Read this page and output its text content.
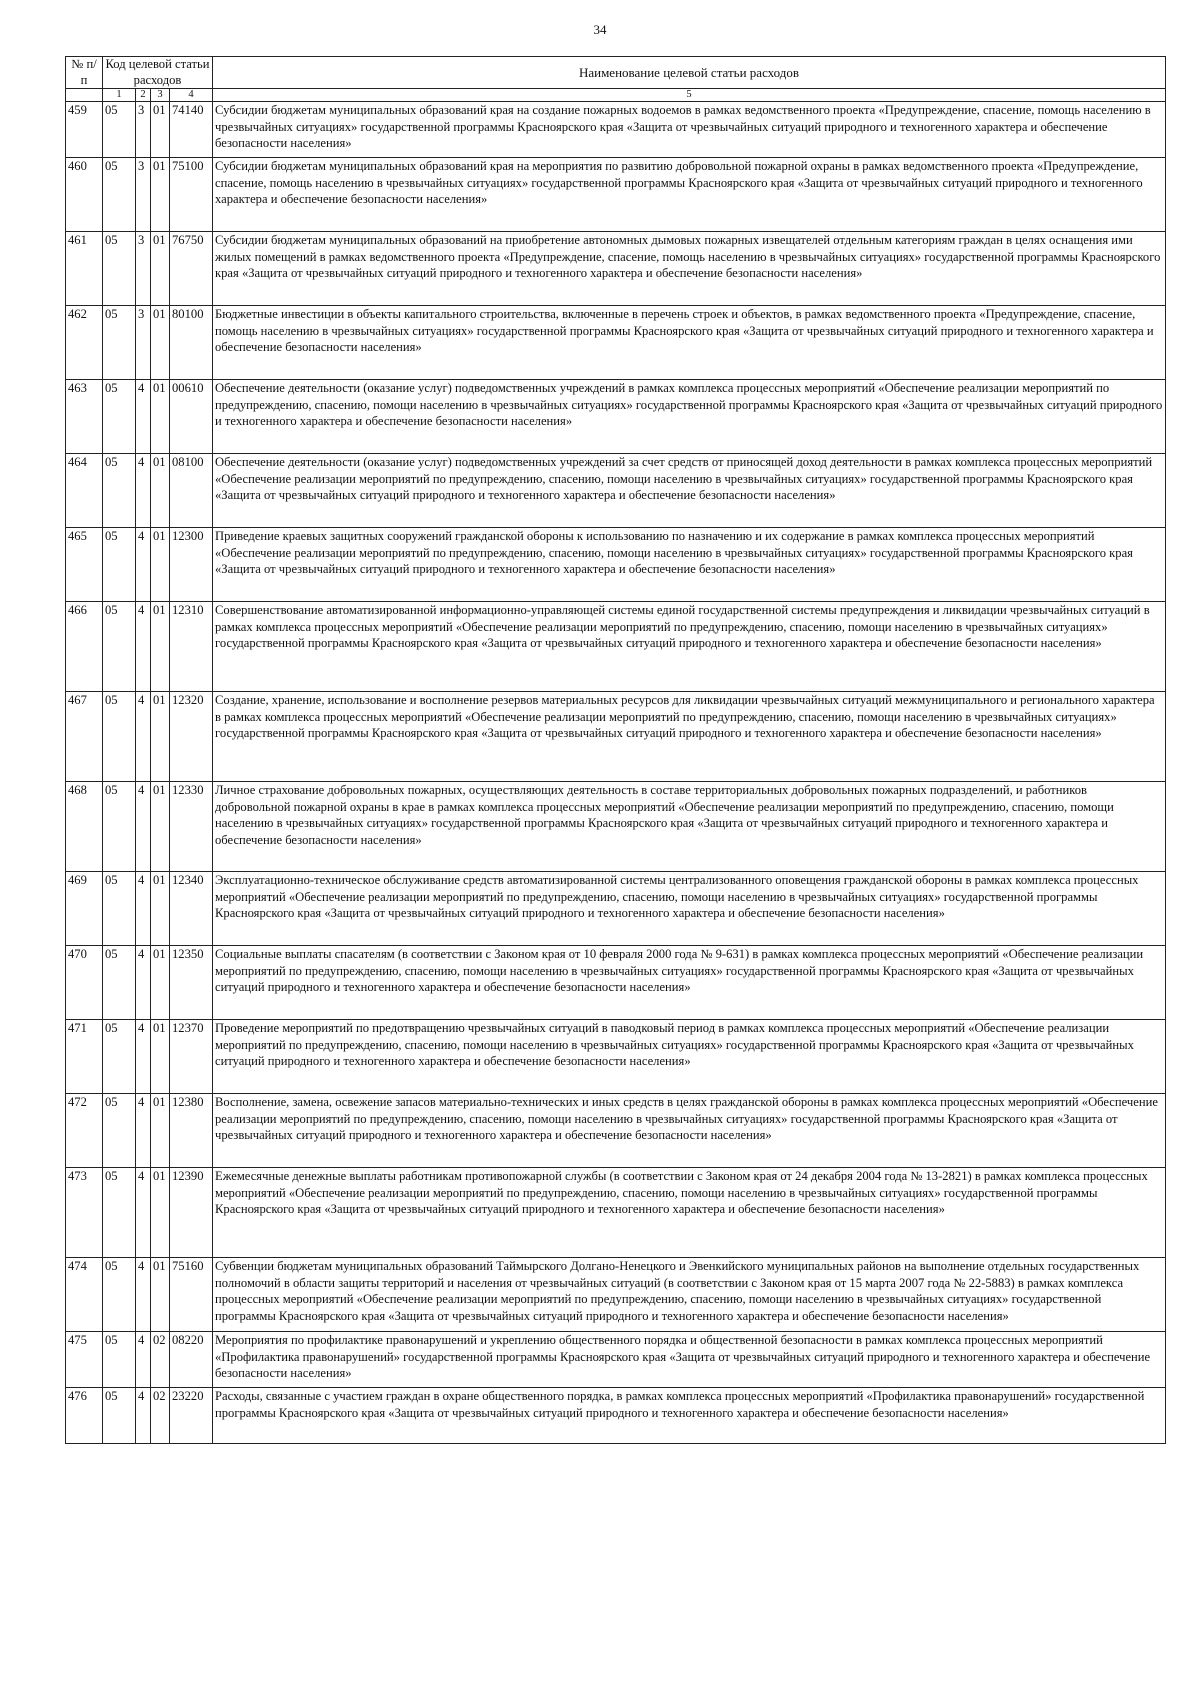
34
№ п/п	Код целевой статьи расходов				Наименование целевой статьи расходов
	1	2	3	4	5
459	05	3	01	74140	Субсидии бюджетам муниципальных образований края на создание пожарных водоемов в рамках ведомственного проекта «Предупреждение, спасение, помощь населению в чрезвычайных ситуациях» государственной программы Красноярского края «Защита от чрезвычайных ситуаций природного и техногенного характера и обеспечение безопасности населения»
460	05	3	01	75100	Субсидии бюджетам муниципальных образований края на мероприятия по развитию добровольной пожарной охраны в рамках ведомственного проекта «Предупреждение, спасение, помощь населению в чрезвычайных ситуациях» государственной программы Красноярского края «Защита от чрезвычайных ситуаций природного и техногенного характера и обеспечение безопасности населения»
461	05	3	01	76750	Субсидии бюджетам муниципальных образований на приобретение автономных дымовых пожарных извещателей отдельным категориям граждан в целях оснащения ими жилых помещений в рамках ведомственного проекта «Предупреждение, спасение, помощь населению в чрезвычайных ситуациях» государственной программы Красноярского края «Защита от чрезвычайных ситуаций природного и техногенного характера и обеспечение безопасности населения»
462	05	3	01	80100	Бюджетные инвестиции в объекты капитального строительства, включенные в перечень строек и объектов, в рамках ведомственного проекта «Предупреждение, спасение, помощь населению в чрезвычайных ситуациях» государственной программы Красноярского края «Защита от чрезвычайных ситуаций природного и техногенного характера и обеспечение безопасности населения»
463	05	4	01	00610	Обеспечение деятельности (оказание услуг) подведомственных учреждений в рамках комплекса процессных мероприятий «Обеспечение реализации мероприятий по предупреждению, спасению, помощи населению в чрезвычайных ситуациях» государственной программы Красноярского края «Защита от чрезвычайных ситуаций природного и техногенного характера и обеспечение безопасности населения»
464	05	4	01	08100	Обеспечение деятельности (оказание услуг) подведомственных учреждений за счет средств от приносящей доход деятельности в рамках комплекса процессных мероприятий «Обеспечение реализации мероприятий по предупреждению, спасению, помощи населению в чрезвычайных ситуациях» государственной программы Красноярского края «Защита от чрезвычайных ситуаций природного и техногенного характера и обеспечение безопасности населения»
465	05	4	01	12300	Приведение краевых защитных сооружений гражданской обороны к использованию по назначению и их содержание в рамках комплекса процессных мероприятий «Обеспечение реализации мероприятий по предупреждению, спасению, помощи населению в чрезвычайных ситуациях» государственной программы Красноярского края «Защита от чрезвычайных ситуаций природного и техногенного характера и обеспечение безопасности населения»
466	05	4	01	12310	Совершенствование автоматизированной информационно-управляющей системы единой государственной системы предупреждения и ликвидации чрезвычайных ситуаций в рамках комплекса процессных мероприятий «Обеспечение реализации мероприятий по предупреждению, спасению, помощи населению в чрезвычайных ситуациях» государственной программы Красноярского края «Защита от чрезвычайных ситуаций природного и техногенного характера и обеспечение безопасности населения»
467	05	4	01	12320	Создание, хранение, использование и восполнение резервов материальных ресурсов для ликвидации чрезвычайных ситуаций межмуниципального и регионального характера в рамках комплекса процессных мероприятий «Обеспечение реализации мероприятий по предупреждению, спасению, помощи населению в чрезвычайных ситуациях» государственной программы Красноярского края «Защита от чрезвычайных ситуаций природного и техногенного характера и обеспечение безопасности населения»
468	05	4	01	12330	Личное страхование добровольных пожарных, осуществляющих деятельность в составе территориальных добровольных пожарных подразделений, и работников добровольной пожарной охраны в крае в рамках комплекса процессных мероприятий «Обеспечение реализации мероприятий по предупреждению, спасению, помощи населению в чрезвычайных ситуациях» государственной программы Красноярского края «Защита от чрезвычайных ситуаций природного и техногенного характера и обеспечение безопасности населения»
469	05	4	01	12340	Эксплуатационно-техническое обслуживание средств автоматизированной системы централизованного оповещения гражданской обороны в рамках комплекса процессных мероприятий «Обеспечение реализации мероприятий по предупреждению, спасению, помощи населению в чрезвычайных ситуациях» государственной программы Красноярского края «Защита от чрезвычайных ситуаций природного и техногенного характера и обеспечение безопасности населения»
470	05	4	01	12350	Социальные выплаты спасателям (в соответствии с Законом края от 10 февраля 2000 года № 9-631) в рамках комплекса процессных мероприятий «Обеспечение реализации мероприятий по предупреждению, спасению, помощи населению в чрезвычайных ситуациях» государственной программы Красноярского края «Защита от чрезвычайных ситуаций природного и техногенного характера и обеспечение безопасности населения»
471	05	4	01	12370	Проведение мероприятий по предотвращению чрезвычайных ситуаций в паводковый период в рамках комплекса процессных мероприятий «Обеспечение реализации мероприятий по предупреждению, спасению, помощи населению в чрезвычайных ситуациях» государственной программы Красноярского края «Защита от чрезвычайных ситуаций природного и техногенного характера и обеспечение безопасности населения»
472	05	4	01	12380	Восполнение, замена, освежение запасов материально-технических и иных средств в целях гражданской обороны в рамках комплекса процессных мероприятий «Обеспечение реализации мероприятий по предупреждению, спасению, помощи населению в чрезвычайных ситуациях» государственной программы Красноярского края «Защита от чрезвычайных ситуаций природного и техногенного характера и обеспечение безопасности населения»
473	05	4	01	12390	Ежемесячные денежные выплаты работникам противопожарной службы (в соответствии с Законом края от 24 декабря 2004 года № 13-2821) в рамках комплекса процессных мероприятий «Обеспечение реализации мероприятий по предупреждению, спасению, помощи населению в чрезвычайных ситуациях» государственной программы Красноярского края «Защита от чрезвычайных ситуаций природного и техногенного характера и обеспечение безопасности населения»
474	05	4	01	75160	Субвенции бюджетам муниципальных образований Таймырского Долгано-Ненецкого и Эвенкийского муниципальных районов на выполнение отдельных государственных полномочий в области защиты территорий и населения от чрезвычайных ситуаций (в соответствии с Законом края от 15 марта 2007 года № 22-5883) в рамках комплекса процессных мероприятий «Обеспечение реализации мероприятий по предупреждению, спасению, помощи населению в чрезвычайных ситуациях» государственной программы Красноярского края «Защита от чрезвычайных ситуаций природного и техногенного характера и обеспечение безопасности населения»
475	05	4	02	08220	Мероприятия по профилактике правонарушений и укреплению общественного порядка и общественной безопасности в рамках комплекса процессных мероприятий «Профилактика правонарушений» государственной программы Красноярского края «Защита от чрезвычайных ситуаций природного и техногенного характера и обеспечение безопасности населения»
476	05	4	02	23220	Расходы, связанные с участием граждан в охране общественного порядка, в рамках комплекса процессных мероприятий «Профилактика правонарушений» государственной программы Красноярского края «Защита от чрезвычайных ситуаций природного и техногенного характера и обеспечение безопасности населения»
